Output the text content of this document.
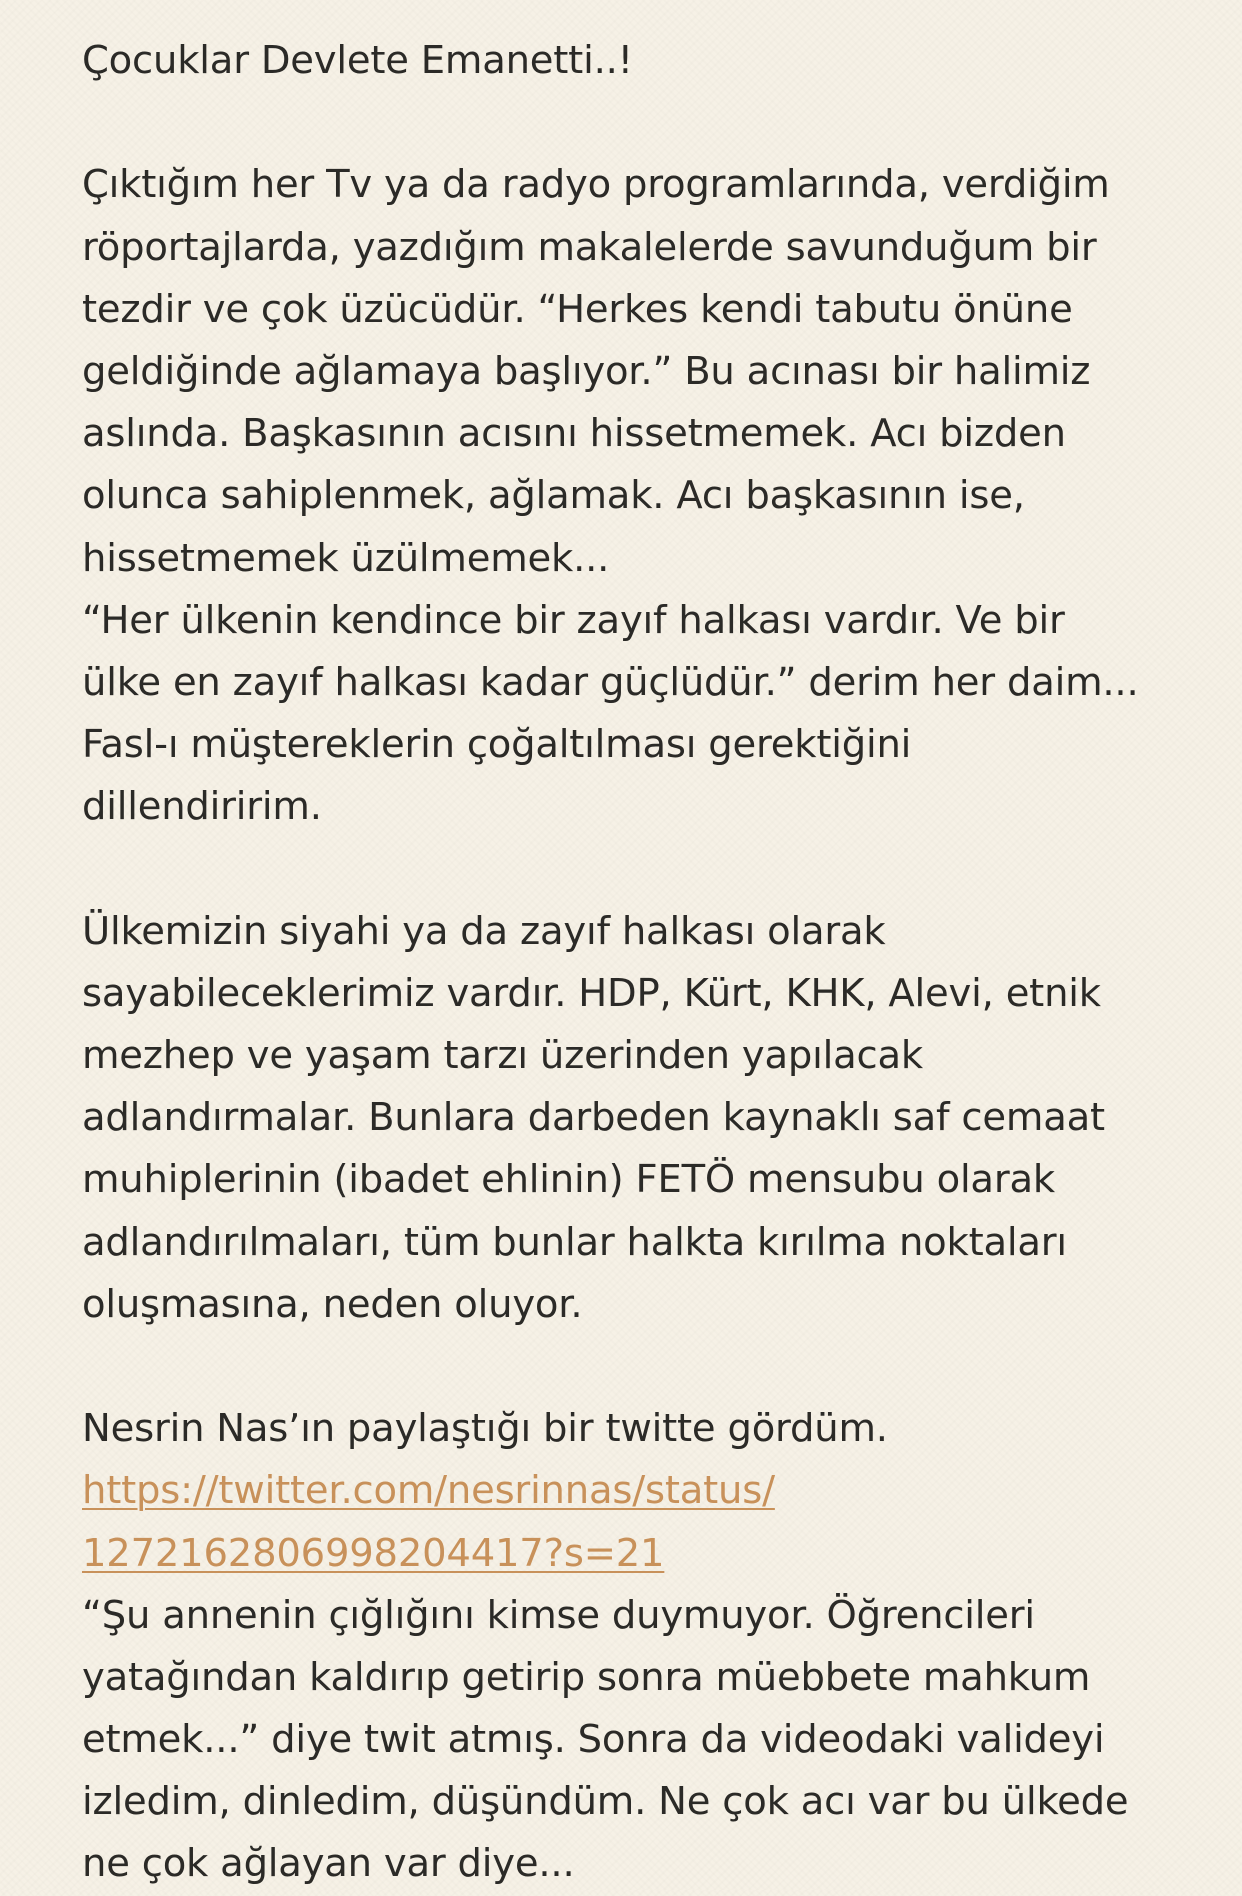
Çocuklar Devlete Emanetti..!
Çıktığım her Tv ya da radyo programlarında, verdiğim
röportajlarda, yazdığım makalelerde savunduğum bir
tezdir ve çok üzücüdür. “Herkes kendi tabutu önüne
geldiğinde ağlamaya başlıyor.” Bu acınası bir halimiz
aslında. Başkasının acısını hissetmemek. Acı bizden
olunca sahiplenmek, ağlamak. Acı başkasının ise,
hissetmemek üzülmemek...
“Her ülkenin kendince bir zayıf halkası vardır. Ve bir
ülke en zayıf halkası kadar güçlüdür.” derim her daim...
Fasl-ı müştereklerin çoğaltılması gerektiğini
dillendiririm.
Ülkemizin siyahi ya da zayıf halkası olarak
sayabileceklerimiz vardır. HDP, Kürt, KHK, Alevi, etnik
mezhep ve yaşam tarzı üzerinden yapılacak
adlandırmalar. Bunlara darbeden kaynaklı saf cemaat
muhiplerinin (ibadet ehlinin) FETÖ mensubu olarak
adlandırılmaları, tüm bunlar halkta kırılma noktaları
oluşmasına, neden oluyor.
Nesrin Nas’ın paylaştığı bir twitte gördüm.
https://twitter.com/nesrinnas/status/
1272162806998204417?s=21
“Şu annenin çığlığını kimse duymuyor. Öğrencileri
yatağından kaldırıp getirip sonra müebbete mahkum
etmek...” diye twit atmış. Sonra da videodaki valideyi
izledim, dinledim, düşündüm. Ne çok acı var bu ülkede
ne çok ağlayan var diye...
